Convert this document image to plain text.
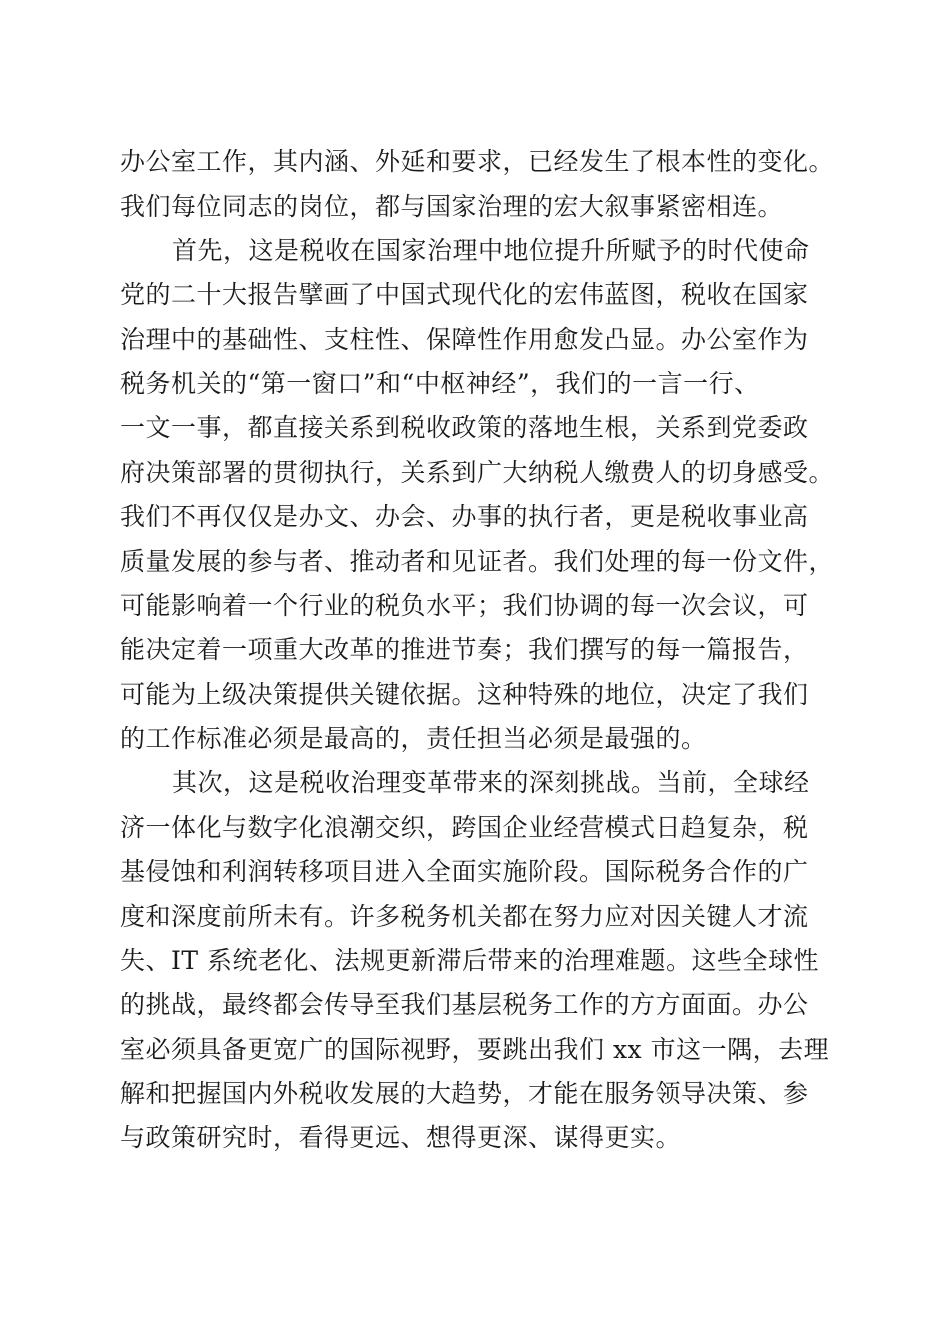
办公室工作，其内涵、外延和要求，已经发生了根本性的变化。
我们每位同志的岗位，都与国家治理的宏大叙事紧密相连。
首先，这是税收在国家治理中地位提升所赋予的时代使命
党的二十大报告擘画了中国式现代化的宏伟蓝图，税收在国家
治理中的基础性、支柱性、保障性作用愈发凸显。办公室作为
税务机关的“第一窗口”和“中枢神经”，我们的一言一行、
一文一事，都直接关系到税收政策的落地生根，关系到党委政
府决策部署的贯彻执行，关系到广大纳税人缴费人的切身感受。
我们不再仅仅是办文、办会、办事的执行者，更是税收事业高
质量发展的参与者、推动者和见证者。我们处理的每一份文件，
可能影响着一个行业的税负水平；我们协调的每一次会议，可
能决定着一项重大改革的推进节奏；我们撰写的每一篇报告，
可能为上级决策提供关键依据。这种特殊的地位，决定了我们
的工作标准必须是最高的，责任担当必须是最强的。
其次，这是税收治理变革带来的深刻挑战。当前，全球经
济一体化与数字化浪潮交织，跨国企业经营模式日趋复杂，税
基侵蚀和利润转移项目进入全面实施阶段。国际税务合作的广
度和深度前所未有。许多税务机关都在努力应对因关键人才流
失、IT 系统老化、法规更新滞后带来的治理难题。这些全球性
的挑战，最终都会传导至我们基层税务工作的方方面面。办公
室必须具备更宽广的国际视野，要跳出我们 xx 市这一隅，去理
解和把握国内外税收发展的大趋势，才能在服务领导决策、参
与政策研究时，看得更远、想得更深、谋得更实。
